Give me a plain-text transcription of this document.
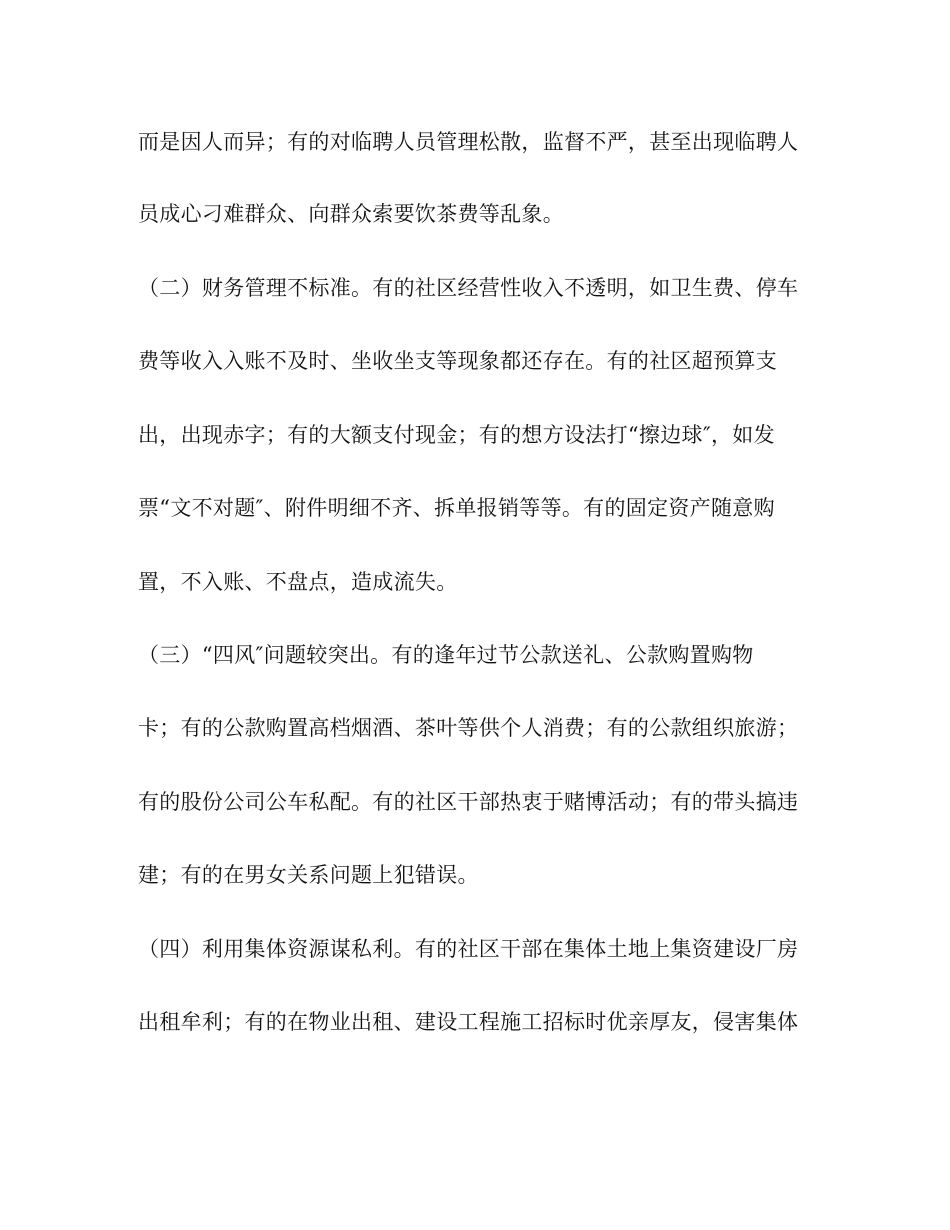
而是因人而异；有的对临聘人员管理松散，监督不严，甚至出现临聘人
员成心刁难群众、向群众索要饮茶费等乱象。
（二）财务管理不标准。有的社区经营性收入不透明，如卫生费、停车
费等收入入账不及时、坐收坐支等现象都还存在。有的社区超预算支
出，出现赤字；有的大额支付现金；有的想方设法打“擦边球″，如发
票“文不对题″、附件明细不齐、拆单报销等等。有的固定资产随意购
置，不入账、不盘点，造成流失。
（三）“四风″问题较突出。有的逢年过节公款送礼、公款购置购物
卡；有的公款购置高档烟酒、茶叶等供个人消费；有的公款组织旅游；
有的股份公司公车私配。有的社区干部热衷于赌博活动；有的带头搞违
建；有的在男女关系问题上犯错误。
（四）利用集体资源谋私利。有的社区干部在集体土地上集资建设厂房
出租牟利；有的在物业出租、建设工程施工招标时优亲厚友，侵害集体
